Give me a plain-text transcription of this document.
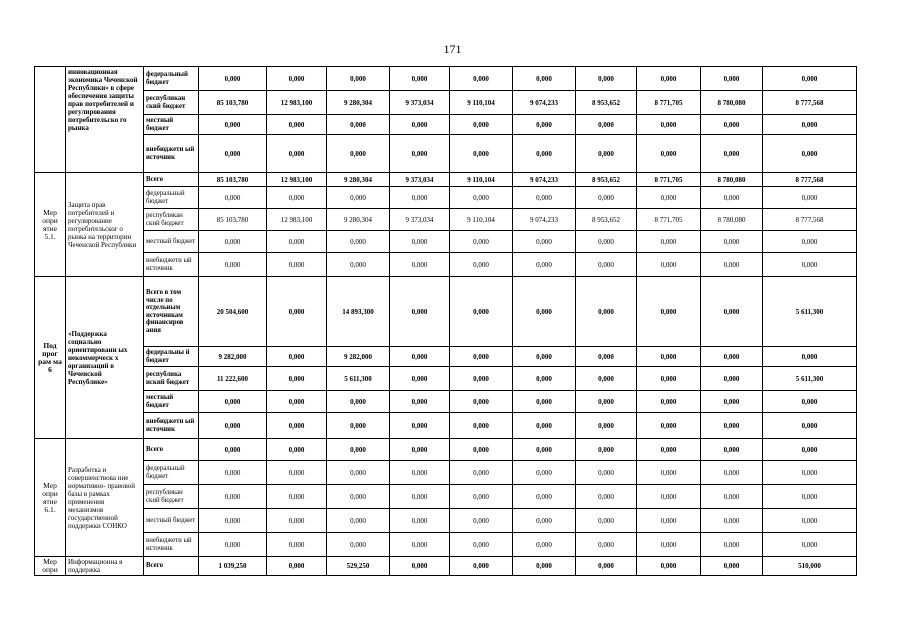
171
	инновационная экономика Чеченской Республики» в сфере обеспечения защиты прав потребителей и регулирования потребительско го рынка	федеральный бюджет	0,000	0,000	0,000	0,000	0,000	0,000	0,000	0,000	0,000	0,000
		республикан ский бюджет	85 103,780	12 983,100	9 280,304	9 373,034	9 110,104	9 074,233	8 953,652	8 771,705	8 780,080	8 777,568
		местный бюджет	0,000	0,000	0,000	0,000	0,000	0,000	0,000	0,000	0,000	0,000
		внебюджети ый источник	0,000	0,000	0,000	0,000	0,000	0,000	0,000	0,000	0,000	0,000
Мер опри ятие 5.1.	Защита прав потребителей и регулирование потребительског о рынка на территории Чеченской Республики	Всего	85 103,780	12 983,100	9 280,304	9 373,034	9 110,104	9 074,233	8 953,652	8 771,705	8 780,080	8 777,568
		федеральный бюджет	0,000	0,000	0,000	0,000	0,000	0,000	0,000	0,000	0,000	0,000
		республикан ский бюджет	85 103,780	12 983,100	9 280,304	9 373,034	9 110,104	9 074,233	8 953,652	8 771,705	8 780,080	8 777,568
		местный бюджет	0,000	0,000	0,000	0,000	0,000	0,000	0,000	0,000	0,000	0,000
		внебюджети ый источник	0,000	0,000	0,000	0,000	0,000	0,000	0,000	0,000	0,000	0,000
Под прог рам ма 6	«Поддержка социально ориентированн ых некоммерческ х организаций в Чеченской Республике»	Всего в том числе по отдельным источникам финансиров ания	20 504,600	0,000	14 893,300	0,000	0,000	0,000	0,000	0,000	0,000	5 611,300
		федеральны й бюджет	9 282,000	0,000	9 282,000	0,000	0,000	0,000	0,000	0,000	0,000	0,000
		республика нский бюджет	11 222,600	0,000	5 611,300	0,000	0,000	0,000	0,000	0,000	0,000	5 611,300
		местный бюджет	0,000	0,000	0,000	0,000	0,000	0,000	0,000	0,000	0,000	0,000
		внебюджетн ый источник	0,000	0,000	0,000	0,000	0,000	0,000	0,000	0,000	0,000	0,000
Мер опри ятие 6.1.	Разработка и совершенствова ние нормативно- правовой базы в рамках применения механизмов государственной поддержки СОНКО	Всего	0,000	0,000	0,000	0,000	0,000	0,000	0,000	0,000	0,000	0,000
		федеральный бюджет	0,000	0,000	0,000	0,000	0,000	0,000	0,000	0,000	0,000	0,000
		республикан ский бюджет	0,000	0,000	0,000	0,000	0,000	0,000	0,000	0,000	0,000	0,000
		местный бюджет	0,000	0,000	0,000	0,000	0,000	0,000	0,000	0,000	0,000	0,000
		внебюджети ый источник	0,000	0,000	0,000	0,000	0,000	0,000	0,000	0,000	0,000	0,000
Мер опри	Информационна я поддержка	Всего	1 039,250	0,000	529,250	0,000	0,000	0,000	0,000	0,000	0,000	510,000
